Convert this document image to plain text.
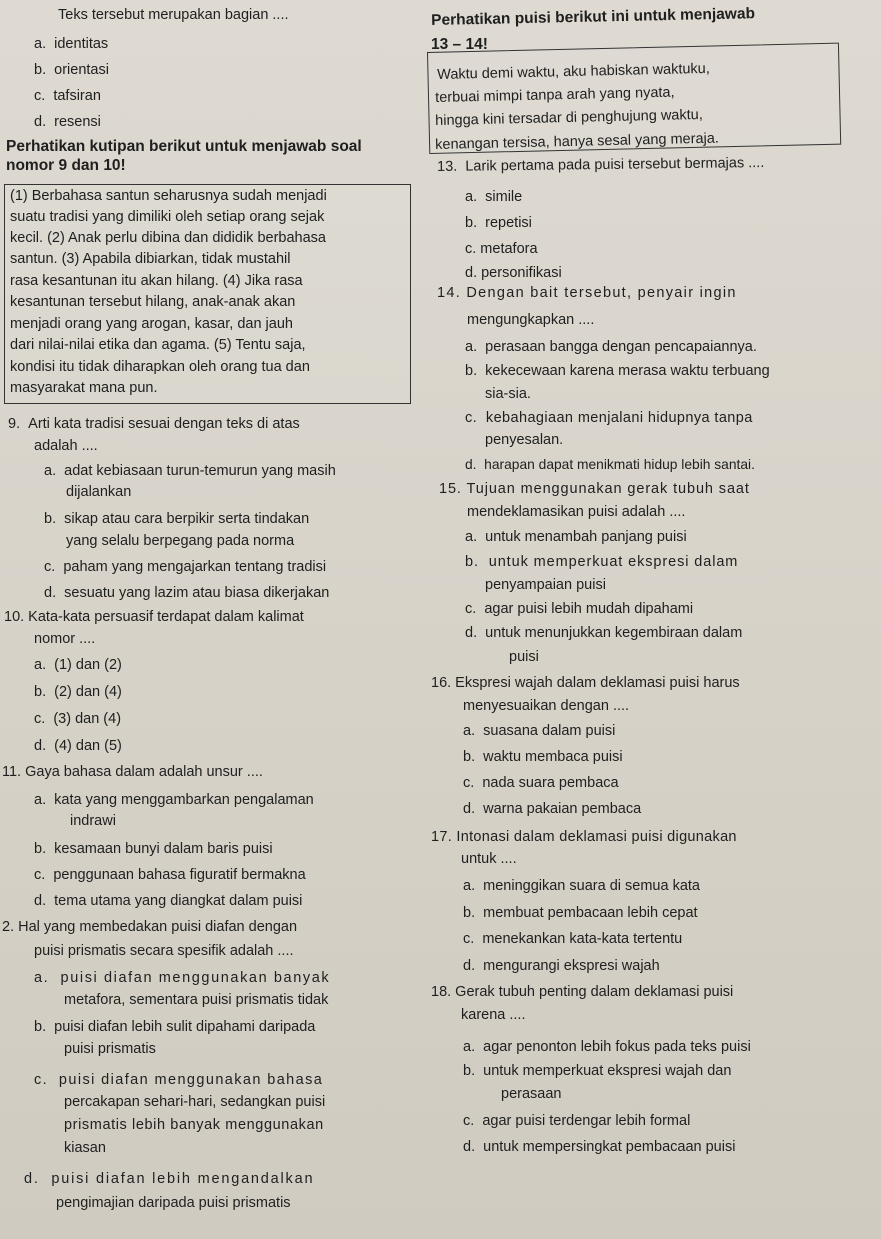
Teks tersebut merupakan bagian ....
a.  identitas
b.  orientasi
c.  tafsiran
d.  resensi
Perhatikan kutipan berikut untuk menjawab soal
nomor 9 dan 10!
(1) Berbahasa santun seharusnya sudah menjadi
suatu tradisi yang dimiliki oleh setiap orang sejak
kecil. (2) Anak perlu dibina dan dididik berbahasa
santun. (3) Apabila dibiarkan, tidak mustahil
rasa kesantunan itu akan hilang. (4) Jika rasa
kesantunan tersebut hilang, anak-anak akan
menjadi orang yang arogan, kasar, dan jauh
dari nilai-nilai etika dan agama. (5) Tentu saja,
kondisi itu tidak diharapkan oleh orang tua dan
masyarakat mana pun.
9.  Arti kata tradisi sesuai dengan teks di atas
adalah ....
a.  adat kebiasaan turun-temurun yang masih
dijalankan
b.  sikap atau cara berpikir serta tindakan
yang selalu berpegang pada norma
c.  paham yang mengajarkan tentang tradisi
d.  sesuatu yang lazim atau biasa dikerjakan
10. Kata-kata persuasif terdapat dalam kalimat
nomor ....
a.  (1) dan (2)
b.  (2) dan (4)
c.  (3) dan (4)
d.  (4) dan (5)
11. Gaya bahasa dalam adalah unsur ....
a.  kata yang menggambarkan pengalaman
indrawi
b.  kesamaan bunyi dalam baris puisi
c.  penggunaan bahasa figuratif bermakna
d.  tema utama yang diangkat dalam puisi
2. Hal yang membedakan puisi diafan dengan
puisi prismatis secara spesifik adalah ....
a.  puisi diafan menggunakan banyak
metafora, sementara puisi prismatis tidak
b.  puisi diafan lebih sulit dipahami daripada
puisi prismatis
c.  puisi diafan menggunakan bahasa
percakapan sehari-hari, sedangkan puisi
prismatis lebih banyak menggunakan
kiasan
d.  puisi diafan lebih mengandalkan
pengimajian daripada puisi prismatis
Perhatikan puisi berikut ini untuk menjawab
13 – 14!
Waktu demi waktu, aku habiskan waktuku,
terbuai mimpi tanpa arah yang nyata,
hingga kini tersadar di penghujung waktu,
kenangan tersisa, hanya sesal yang meraja.
13.  Larik pertama pada puisi tersebut bermajas ....
a.  simile
b.  repetisi
c. metafora
d. personifikasi
14. Dengan bait tersebut, penyair ingin
mengungkapkan ....
a.  perasaan bangga dengan pencapaiannya.
b.  kekecewaan karena merasa waktu terbuang
sia-sia.
c.  kebahagiaan menjalani hidupnya tanpa
penyesalan.
d.  harapan dapat menikmati hidup lebih santai.
15. Tujuan menggunakan gerak tubuh saat
mendeklamasikan puisi adalah ....
a.  untuk menambah panjang puisi
b.  untuk memperkuat ekspresi dalam
penyampaian puisi
c.  agar puisi lebih mudah dipahami
d.  untuk menunjukkan kegembiraan dalam
puisi
16. Ekspresi wajah dalam deklamasi puisi harus
menyesuaikan dengan ....
a.  suasana dalam puisi
b.  waktu membaca puisi
c.  nada suara pembaca
d.  warna pakaian pembaca
17. Intonasi dalam deklamasi puisi digunakan
untuk ....
a.  meninggikan suara di semua kata
b.  membuat pembacaan lebih cepat
c.  menekankan kata-kata tertentu
d.  mengurangi ekspresi wajah
18. Gerak tubuh penting dalam deklamasi puisi
karena ....
a.  agar penonton lebih fokus pada teks puisi
b.  untuk memperkuat ekspresi wajah dan
perasaan
c.  agar puisi terdengar lebih formal
d.  untuk mempersingkat pembacaan puisi
